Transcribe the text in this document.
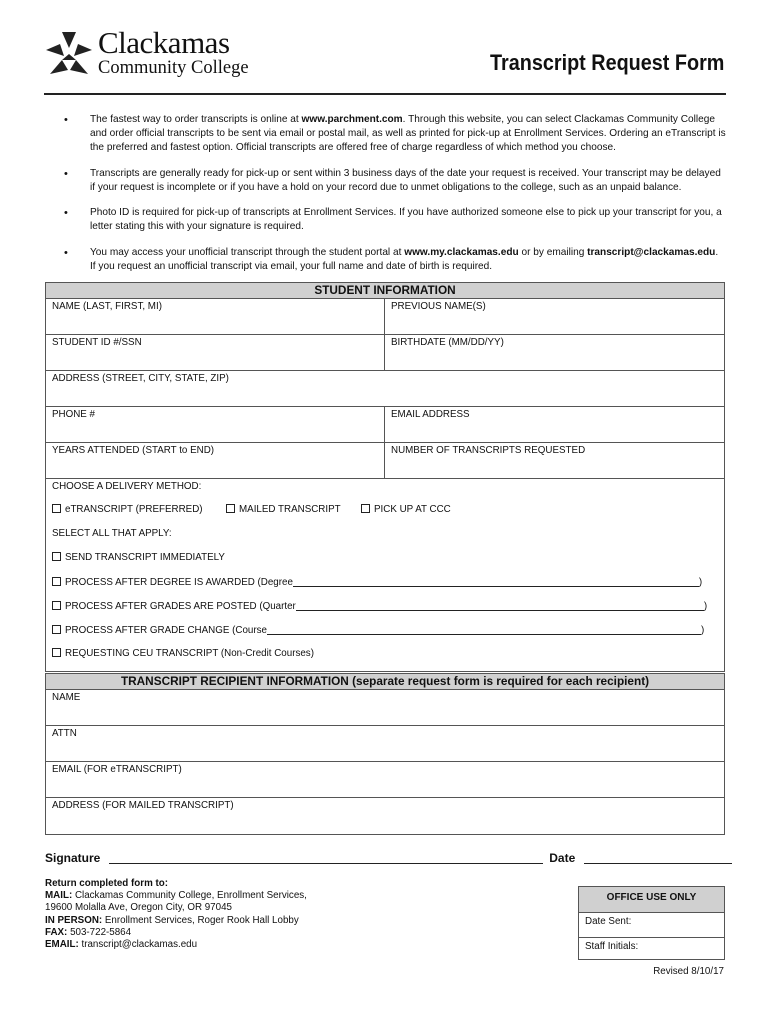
Clackamas
Community College	Transcript Request Form
• The fastest way to order transcripts is online at www.parchment.com. Through this website, you can select Clackamas Community College and order official transcripts to be sent via email or postal mail, as well as printed for pick-up at Enrollment Services. Ordering an eTranscript is the preferred and fastest option. Official transcripts are offered free of charge regardless of which method you choose.
• Transcripts are generally ready for pick-up or sent within 3 business days of the date your request is received. Your transcript may be delayed if your request is incomplete or if you have a hold on your record due to unmet obligations to the college, such as an unpaid balance.
• Photo ID is required for pick-up of transcripts at Enrollment Services. If you have authorized someone else to pick up your transcript for you, a letter stating this with your signature is required.
• You may access your unofficial transcript through the student portal at www.my.clackamas.edu or by emailing transcript@clackamas.edu. If you request an unofficial transcript via email, your full name and date of birth is required.
STUDENT INFORMATION
NAME (LAST, FIRST, MI)	PREVIOUS NAME(S)
STUDENT ID #/SSN	BIRTHDATE (MM/DD/YY)
ADDRESS (STREET, CITY, STATE, ZIP)
PHONE #	EMAIL ADDRESS
YEARS ATTENDED (START to END)	NUMBER OF TRANSCRIPTS REQUESTED
CHOOSE A DELIVERY METHOD:
eTRANSCRIPT (PREFERRED)	MAILED TRANSCRIPT	PICK UP AT CCC
SELECT ALL THAT APPLY:
SEND TRANSCRIPT IMMEDIATELY
PROCESS AFTER DEGREE IS AWARDED (Degree	)
PROCESS AFTER GRADES ARE POSTED (Quarter	)
PROCESS AFTER GRADE CHANGE (Course	)
REQUESTING CEU TRANSCRIPT (Non-Credit Courses)
TRANSCRIPT RECIPIENT INFORMATION (separate request form is required for each recipient)
NAME
ATTN
EMAIL (FOR eTRANSCRIPT)
ADDRESS (FOR MAILED TRANSCRIPT)
Signature	Date
Return completed form to:
MAIL: Clackamas Community College, Enrollment Services,
19600 Molalla Ave, Oregon City, OR 97045
IN PERSON: Enrollment Services, Roger Rook Hall Lobby
FAX: 503-722-5864
EMAIL: transcript@clackamas.edu
OFFICE USE ONLY
Date Sent:
Staff Initials:
Revised 8/10/17
